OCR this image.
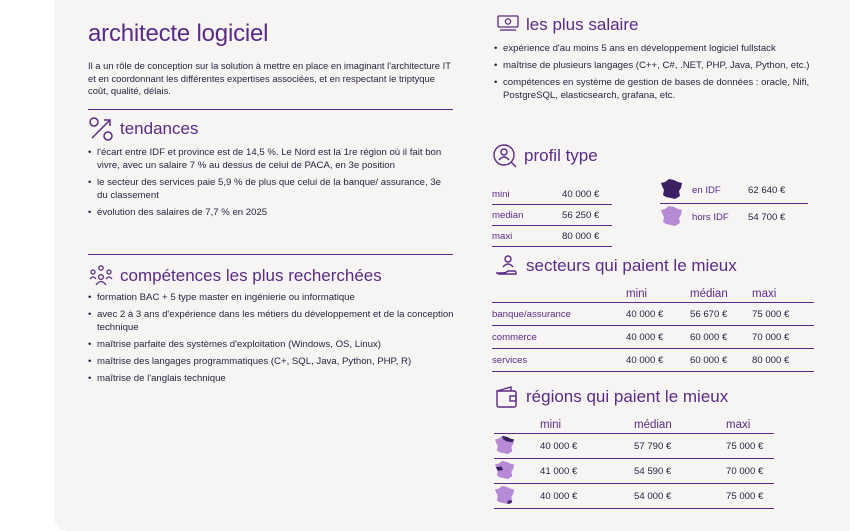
architecte logiciel

Il a un rôle de conception sur la solution à mettre en place en imaginant l'architecture IT et en coordonnant les différentes expertises associées, et en respectant le triptyque coût, qualité, délais.

tendances
• l'écart entre IDF et province est de 14,5 %. Le Nord est la 1re région où il fait bon vivre, avec un salaire 7 % au dessus de celui de PACA, en 3e position
• le secteur des services paie 5,9 % de plus que celui de la banque/ assurance, 3e du classement
• évolution des salaires de 7,7 % en 2025
compétences les plus recherchées
• formation BAC + 5 type master en ingénierie ou informatique
• avec 2 à 3 ans d'expérience dans les métiers du développement et de la conception technique
• maîtrise parfaite des systèmes d'exploitation (Windows, OS, Linux)
• maîtrise des langages programmatiques (C+, SQL, Java, Python, PHP, R)
• maîtrise de l'anglais technique
les plus salaire
• expérience d'au moins 5 ans en développement logiciel fullstack
• maîtrise de plusieurs langages (C++, C#, .NET, PHP, Java, Python, etc.)
• compétences en système de gestion de bases de données : oracle, Nifi, PostgreSQL, elasticsearch, grafana, etc.
profil type
mini	40 000 €
median	56 250 €
maxi	80 000 €
en IDF	62 640 €
hors IDF	54 700 €
secteurs qui paient le mieux
mini	médian	maxi
banque/assurance	40 000 €	56 670 €	75 000 €
commerce	40 000 €	60 000 €	70 000 €
services	40 000 €	60 000 €	80 000 €
régions qui paient le mieux
mini	médian	maxi
40 000 €	57 790 €	75 000 €
41 000 €	54 590 €	70 000 €
40 000 €	54 000 €	75 000 €
